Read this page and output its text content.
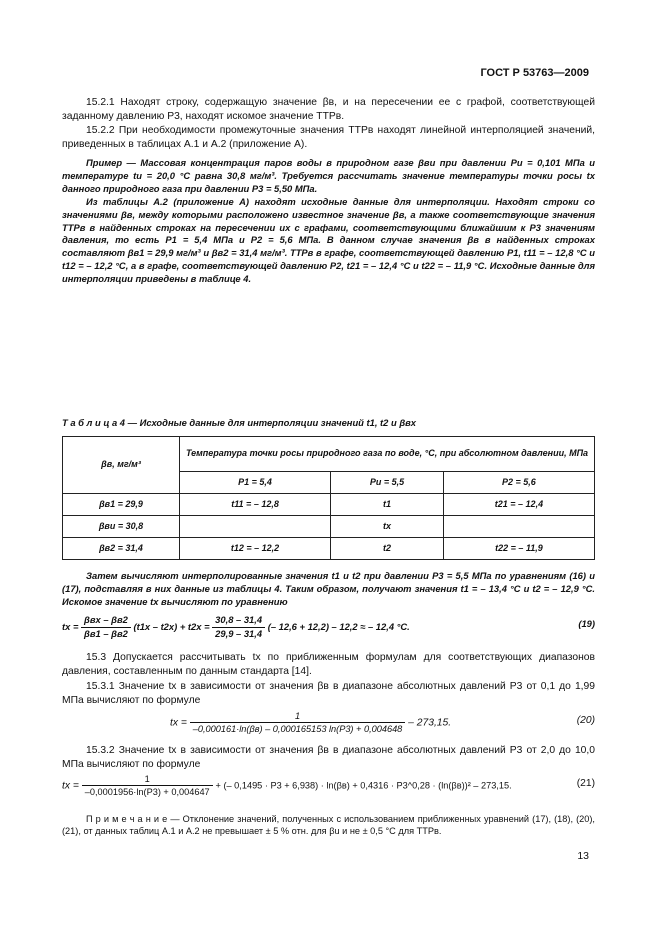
ГОСТ Р 53763—2009

15.2.1 Находят строку, содержащую значение βв, и на пересечении ее с графой, соответствующей заданному давлению P3, находят искомое значение ТТРв.

15.2.2 При необходимости промежуточные значения ТТРв находят линейной интерполяцией значений, приведенных в таблицах А.1 и А.2 (приложение А).

Пример — Массовая концентрация паров воды в природном газе βвu при давлении Pu = 0,101 МПа и температуре tu = 20,0 °С равна 30,8 мг/м³. Требуется рассчитать значение температуры точки росы tx данного природного газа при давлении P3 = 5,50 МПа.

Из таблицы А.2 (приложение А) находят исходные данные для интерполяции. Находят строки со значениями βв, между которыми расположено известное значение βв, а также соответствующие значения ТТРв в найденных строках на пересечении их с графами, соответствующими ближайшим к P3 значениям давления, то есть P1 = 5,4 МПа и P2 = 5,6 МПа. В данном случае значения βв в найденных строках составляют βв1 = 29,9 мг/м³ и βв2 = 31,4 мг/м³. ТТРв в графе, соответствующей давлению P1, t11 = – 12,8 °С и t12 = – 12,2 °С, а в графе, соответствующей давлению P2, t21 = – 12,4 °С и t22 = – 11,9 °С. Исходные данные для интерполяции приведены в таблице 4.

Т а б л и ц а 4 — Исходные данные для интерполяции значений t1, t2 и βвх

βв, мг/м³	Температура точки росы природного газа по воде, °С, при абсолютном давлении, МПа		
	P1 = 5,4	Pu = 5,5	P2 = 5,6
βв1 = 29,9	t11 = – 12,8	t1	t21 = – 12,4
βвu = 30,8		tx	
βв2 = 31,4	t12 = – 12,2	t2	t22 = – 11,9

Затем вычисляют интерполированные значения t1 и t2 при давлении P3 = 5,5 МПа по уравнениям (16) и (17), подставляя в них данные из таблицы 4. Таким образом, получают значения t1 = – 13,4 °С и t2 = – 12,9 °С. Искомое значение tx вычисляют по уравнению

tx = $\frac{\text{βвх – βв2}}{\beta в1 - \beta в2} (t1x - t2x) + t2x = \frac{30,8 - 31,4}{29,9 - 31,4}$ (– 12,6 + 12,2) – 12,2 ≈ – 12,4 °С.	(19)

15.3 Допускается рассчитывать tx по приближенным формулам для соответствующих диапазонов давления, составленным по данным стандарта [14].

15.3.1 Значение tx в зависимости от значения βв в диапазоне абсолютных давлений P3 от 0,1 до 1,99 МПа вычисляют по формуле

tx = $\frac{1}{-0,000161\cdot\ln(\beta в) - 0,000165153 \ln(P3) + 0,004648} - 273,15$.	(20)

15.3.2 Значение tx в зависимости от значения βв в диапазоне абсолютных давлений P3 от 2,0 до 10,0 МПа вычисляют по формуле

tx = $\frac{1}{-0,0001956\cdot\ln(P3) + 0,004647}$ + (– 0,1495 · P3 + 6,938) · ln(βв) + 0,4316 · P3^0,28 · (ln(βв))² – 273,15.	(21)

П р и м е ч а н и е — Отклонение значений, полученных с использованием приближенных уравнений (17), (18), (20), (21), от данных таблиц А.1 и А.2 не превышает ± 5 % отн. для βu и не ± 0,5 °С для ТТРв.

13
